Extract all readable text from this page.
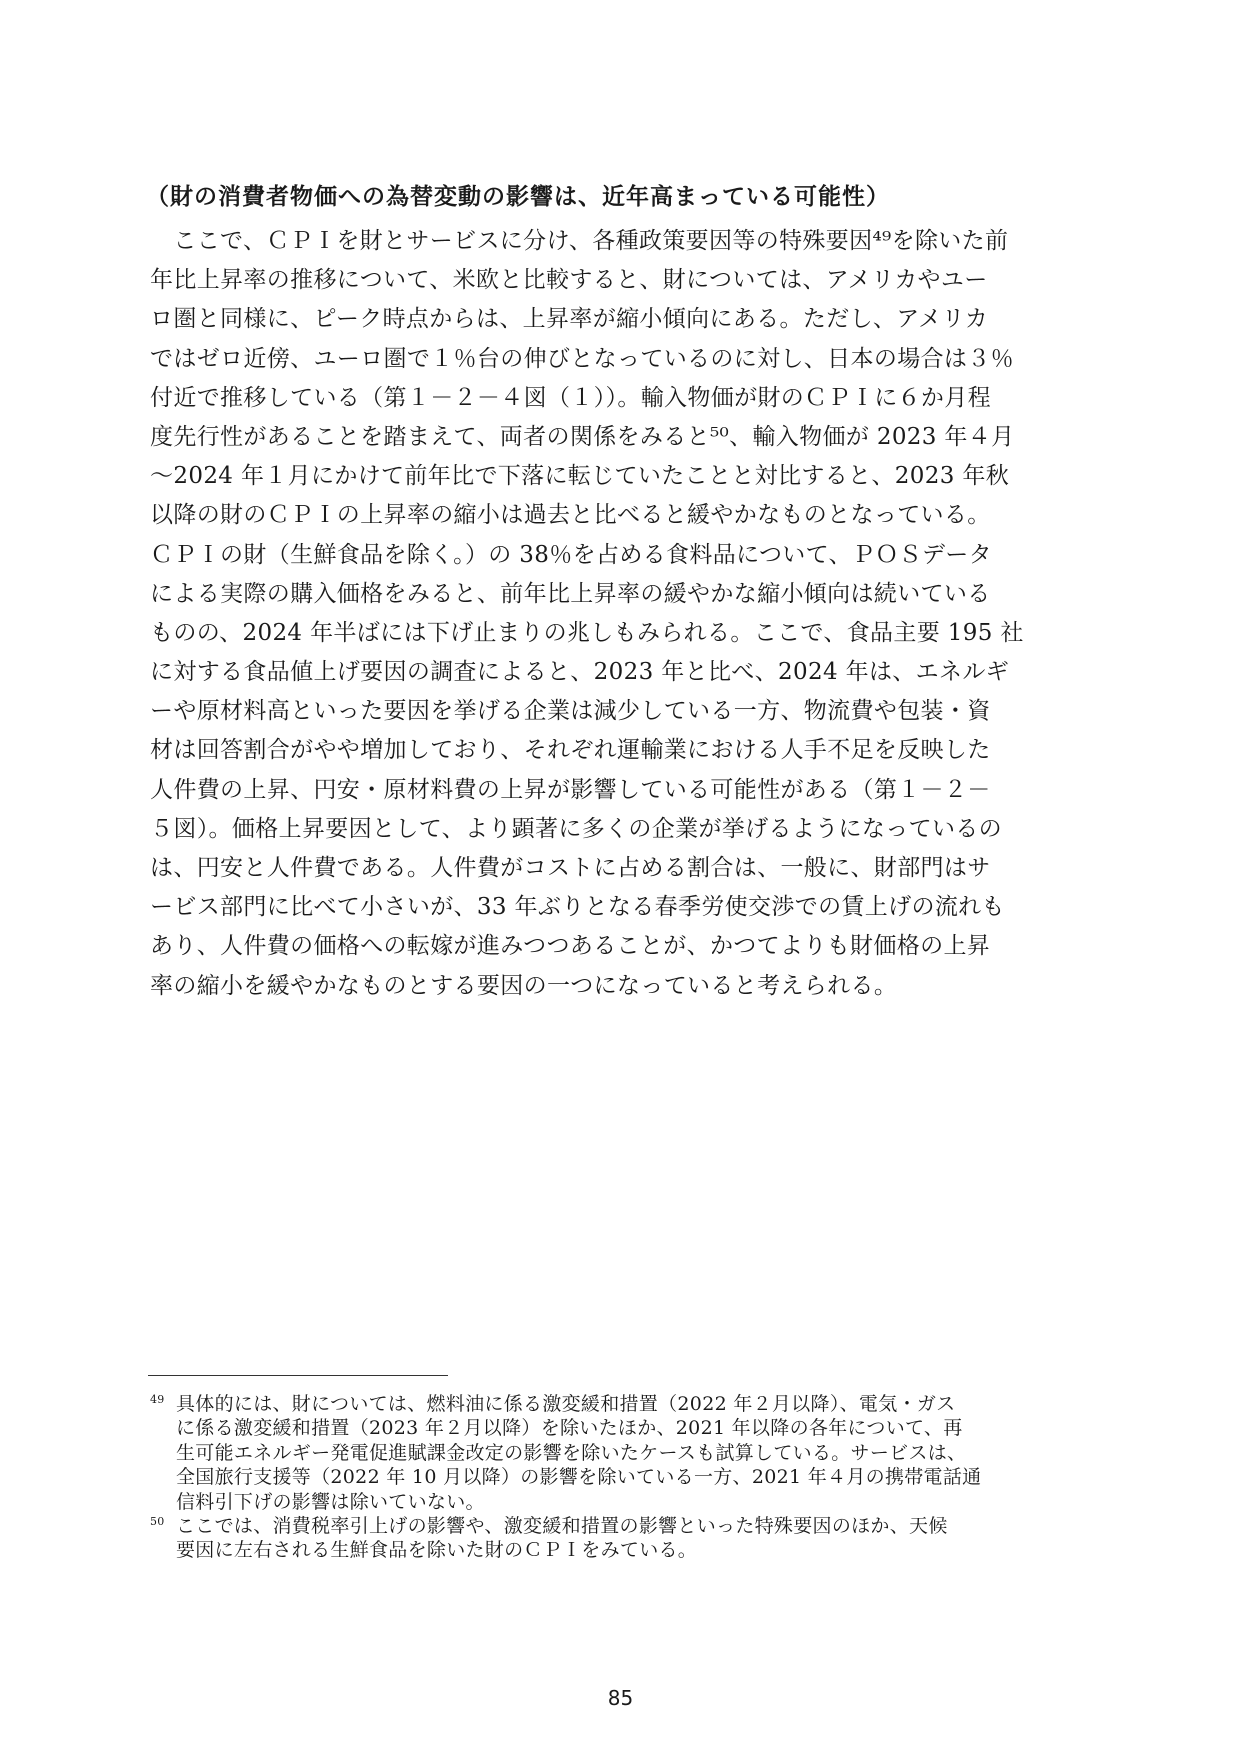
（財の消費者物価への為替変動の影響は、近年高まっている可能性）
　ここで、ＣＰＩを財とサービスに分け、各種政策要因等の特殊要因⁴⁹を除いた前
年比上昇率の推移について、米欧と比較すると、財については、アメリカやユー
ロ圏と同様に、ピーク時点からは、上昇率が縮小傾向にある。ただし、アメリカ
ではゼロ近傍、ユーロ圏で１％台の伸びとなっているのに対し、日本の場合は３％
付近で推移している（第１－２－４図（１））。輸入物価が財のＣＰＩに６か月程
度先行性があることを踏まえて、両者の関係をみると⁵⁰、輸入物価が 2023 年４月
～2024 年１月にかけて前年比で下落に転じていたことと対比すると、2023 年秋
以降の財のＣＰＩの上昇率の縮小は過去と比べると緩やかなものとなっている。
ＣＰＩの財（生鮮食品を除く。）の 38％を占める食料品について、ＰＯＳデータ
による実際の購入価格をみると、前年比上昇率の緩やかな縮小傾向は続いている
ものの、2024 年半ばには下げ止まりの兆しもみられる。ここで、食品主要 195 社
に対する食品値上げ要因の調査によると、2023 年と比べ、2024 年は、エネルギ
ーや原材料高といった要因を挙げる企業は減少している一方、物流費や包装・資
材は回答割合がやや増加しており、それぞれ運輸業における人手不足を反映した
人件費の上昇、円安・原材料費の上昇が影響している可能性がある（第１－２－
５図）。価格上昇要因として、より顕著に多くの企業が挙げるようになっているの
は、円安と人件費である。人件費がコストに占める割合は、一般に、財部門はサ
ービス部門に比べて小さいが、33 年ぶりとなる春季労使交渉での賃上げの流れも
あり、人件費の価格への転嫁が進みつつあることが、かつてよりも財価格の上昇
率の縮小を緩やかなものとする要因の一つになっていると考えられる。
49 具体的には、財については、燃料油に係る激変緩和措置（2022 年２月以降）、電気・ガス
に係る激変緩和措置（2023 年２月以降）を除いたほか、2021 年以降の各年について、再
生可能エネルギー発電促進賦課金改定の影響を除いたケースも試算している。サービスは、
全国旅行支援等（2022 年 10 月以降）の影響を除いている一方、2021 年４月の携帯電話通
信料引下げの影響は除いていない。
50 ここでは、消費税率引上げの影響や、激変緩和措置の影響といった特殊要因のほか、天候
要因に左右される生鮮食品を除いた財のＣＰＩをみている。
85
